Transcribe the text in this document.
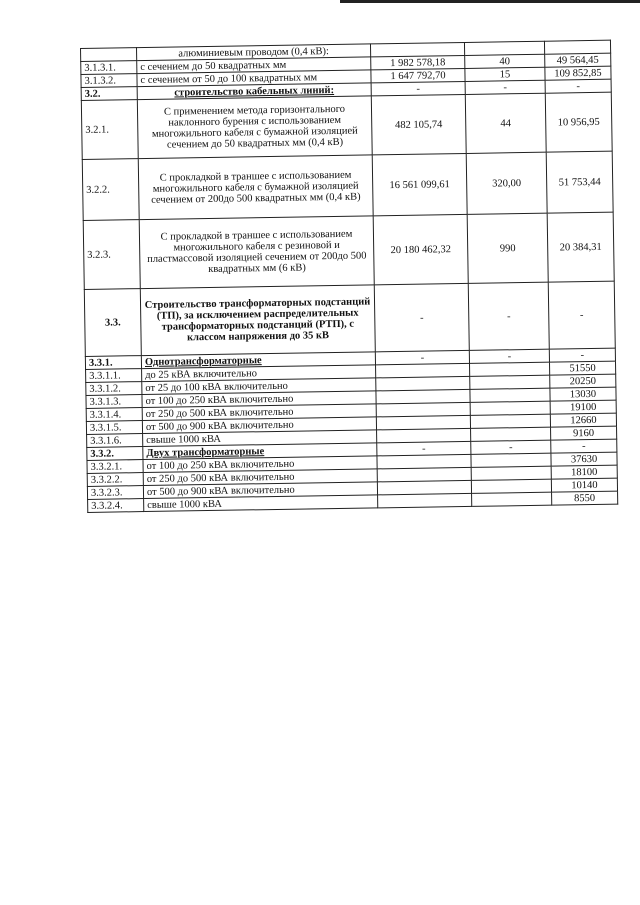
	алюминиевым проводом (0,4 кВ):			
3.1.3.1.	с сечением до 50 квадратных мм	1 982 578,18	40	49 564,45
3.1.3.2.	с сечением от 50 до 100 квадратных мм	1 647 792,70	15	109 852,85
3.2.	строительство кабельных линий:	-	-	-
3.2.1.	С применением метода горизонтального наклонного бурения с использованием многожильного кабеля с бумажной изоляцией сечением до 50 квадратных мм (0,4 кВ)	482 105,74	44	10 956,95
3.2.2.	С прокладкой в траншее с использованием многожильного кабеля с бумажной изоляцией сечением от 200до 500 квадратных мм (0,4 кВ)	16 561 099,61	320,00	51 753,44
3.2.3.	С прокладкой в траншее с использованием многожильного кабеля с резиновой и пластмассовой изоляцией сечением от 200до 500 квадратных мм (6 кВ)	20 180 462,32	990	20 384,31
3.3.	Строительство трансформаторных подстанций (ТП), за исключением распределительных трансформаторных подстанций (РТП), с классом напряжения до 35 кВ	-	-	-
3.3.1.	Однотрансформаторные	-	-	-
3.3.1.1.	до 25 кВА включительно			51550
3.3.1.2.	от 25 до 100 кВА включительно			20250
3.3.1.3.	от 100 до 250 кВА включительно			13030
3.3.1.4.	от 250 до 500 кВА включительно			19100
3.3.1.5.	от 500 до 900 кВА включительно			12660
3.3.1.6.	свыше 1000 кВА			9160
3.3.2.	Двух трансформаторные	-	-	-
3.3.2.1.	от 100 до 250 кВА включительно			37630
3.3.2.2.	от 250 до 500 кВА включительно			18100
3.3.2.3.	от 500 до 900 кВА включительно			10140
3.3.2.4.	свыше 1000 кВА			8550
